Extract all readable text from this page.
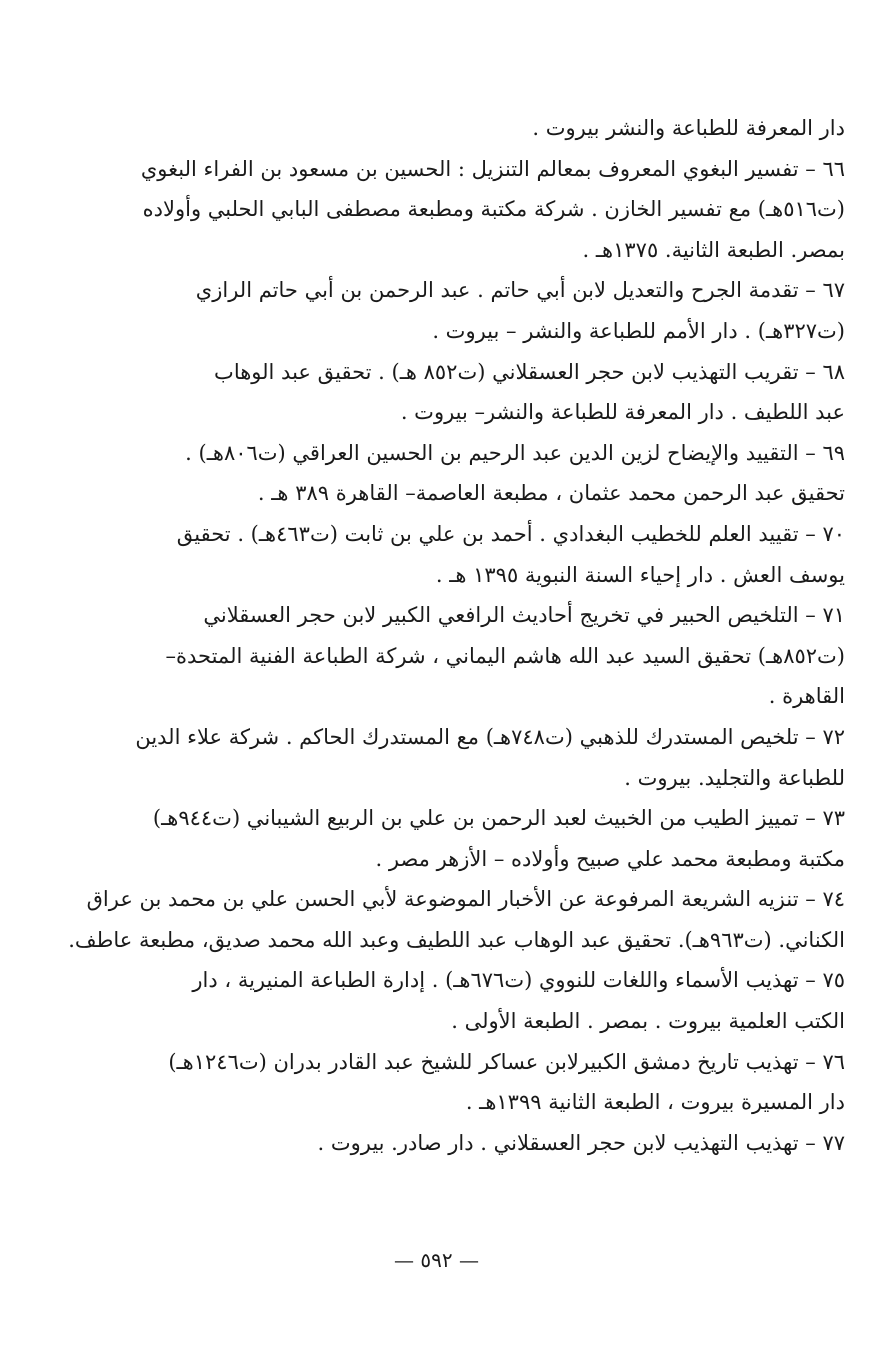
دار المعرفة للطباعة والنشر بيروت .
٦٦ – تفسير البغوي المعروف بمعالم التنزيل : الحسين بن مسعود بن الفراء البغوي
(ت٥١٦هـ) مع تفسير الخازن . شركة مكتبة ومطبعة مصطفى البابي الحلبي وأولاده
بمصر. الطبعة الثانية. ١٣٧٥هـ .
٦٧ – تقدمة الجرح والتعديل لابن أبي حاتم . عبد الرحمن بن أبي حاتم الرازي
(ت٣٢٧هـ) . دار الأمم للطباعة والنشر – بيروت .
٦٨ – تقريب التهذيب لابن حجر العسقلاني (ت٨٥٢ هـ) . تحقيق عبد الوهاب
عبد اللطيف . دار المعرفة للطباعة والنشر– بيروت .
٦٩ – التقييد والإيضاح لزين الدين عبد الرحيم بن الحسين العراقي (ت٨٠٦هـ) .
تحقيق عبد الرحمن محمد عثمان ، مطبعة العاصمة– القاهرة ٣٨٩ هـ .
٧٠ – تقييد العلم للخطيب البغدادي . أحمد بن علي بن ثابت (ت٤٦٣هـ) . تحقيق
يوسف العش . دار إحياء السنة النبوية ١٣٩٥ هـ .
٧١ – التلخيص الحبير في تخريج أحاديث الرافعي الكبير لابن حجر العسقلاني
(ت٨٥٢هـ) تحقيق السيد عبد الله هاشم اليماني ، شركة الطباعة الفنية المتحدة–
القاهرة .
٧٢ – تلخيص المستدرك للذهبي (ت٧٤٨هـ) مع المستدرك الحاكم . شركة علاء الدين
للطباعة والتجليد. بيروت .
٧٣ – تمييز الطيب من الخبيث لعبد الرحمن بن علي بن الربيع الشيباني (ت٩٤٤هـ)
مكتبة ومطبعة محمد علي صبيح وأولاده – الأزهر مصر .
٧٤ – تنزيه الشريعة المرفوعة عن الأخبار الموضوعة لأبي الحسن علي بن محمد بن عراق
الكناني. (ت٩٦٣هـ). تحقيق عبد الوهاب عبد اللطيف وعبد الله محمد صديق، مطبعة عاطف.
٧٥ – تهذيب الأسماء واللغات للنووي (ت٦٧٦هـ) . إدارة الطباعة المنيرية ، دار
الكتب العلمية بيروت . بمصر . الطبعة الأولى .
٧٦ – تهذيب تاريخ دمشق الكبيرلابن عساكر للشيخ عبد القادر بدران (ت١٢٤٦هـ)
دار المسيرة بيروت ، الطبعة الثانية ١٣٩٩هـ .
٧٧ – تهذيب التهذيب لابن حجر العسقلاني . دار صادر. بيروت .
— ٥٩٢ —
